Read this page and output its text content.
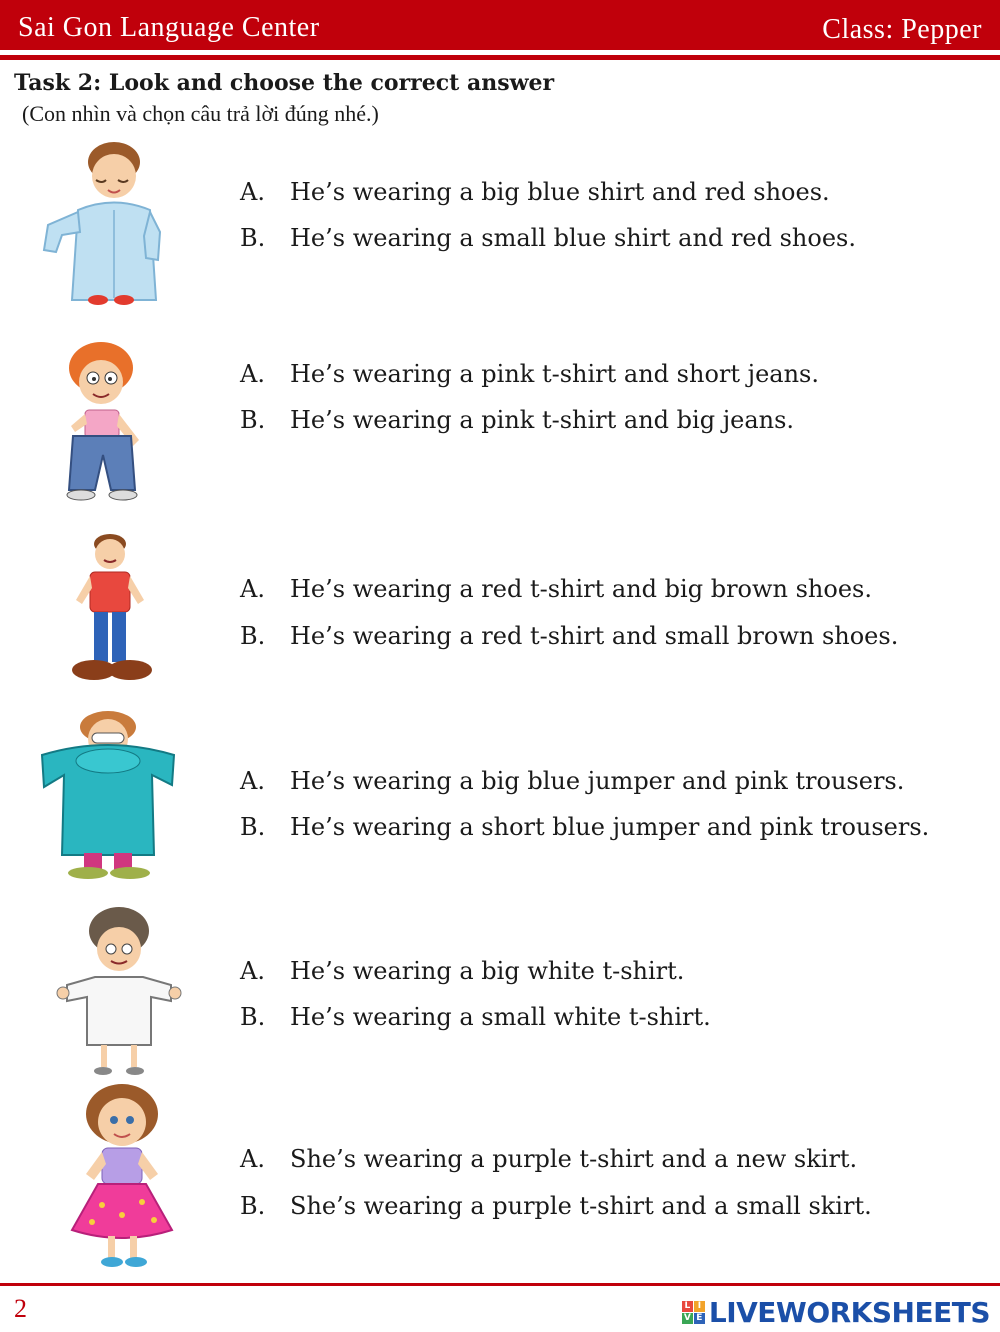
Sai Gon Language Center	Class: Pepper
Task 2: Look and choose the correct answer
(Con nhìn và chọn câu trả lời đúng nhé.)
A. He’s wearing a big blue shirt and red shoes.
B. He’s wearing a small blue shirt and red shoes.
A. He’s wearing a pink t-shirt and short jeans.
B. He’s wearing a pink t-shirt and big jeans.
A. He’s wearing a red t-shirt and big brown shoes.
B. He’s wearing a red t-shirt and small brown shoes.
A. He’s wearing a big blue jumper and pink trousers.
B. He’s wearing a short blue jumper and pink trousers.
A. He’s wearing a big white t-shirt.
B. He’s wearing a small white t-shirt.
A. She’s wearing a purple t-shirt and a new skirt.
B. She’s wearing a purple t-shirt and a small skirt.
2	L I
V E LIVEWORKSHEETS
